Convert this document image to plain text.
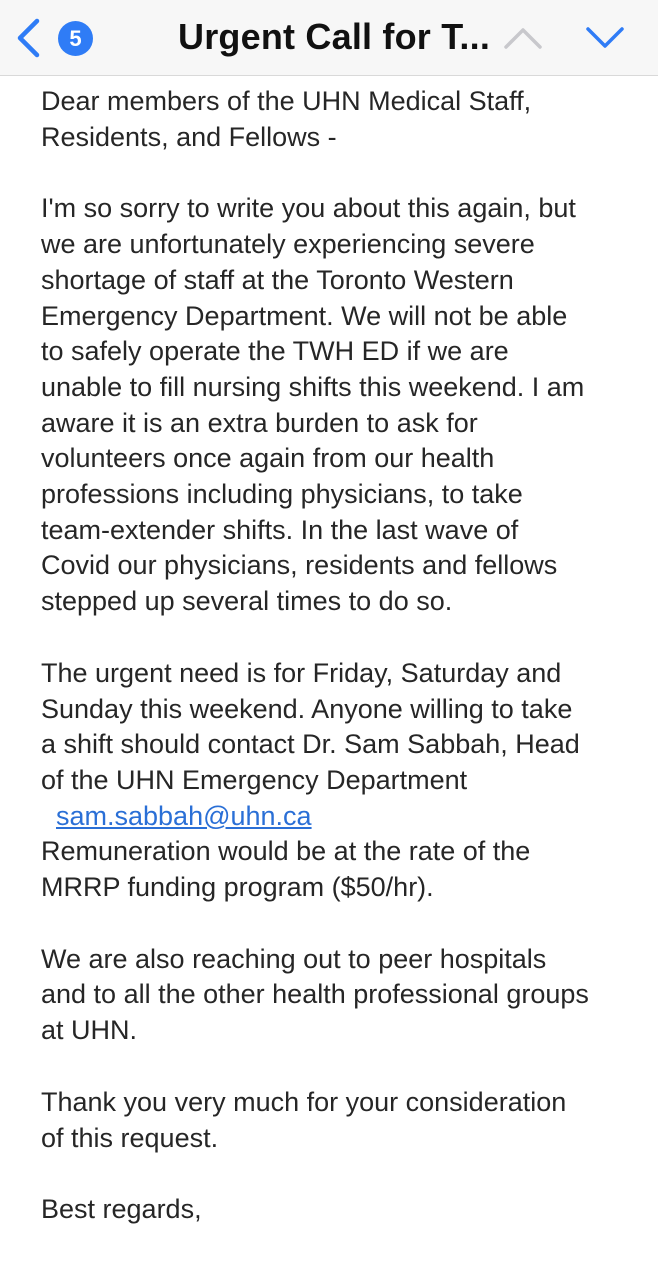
5	Urgent Call for T...
Dear members of the UHN Medical Staff,
Residents, and Fellows -
I'm so sorry to write you about this again, but
we are unfortunately experiencing severe
shortage of staff at the Toronto Western
Emergency Department. We will not be able
to safely operate the TWH ED if we are
unable to fill nursing shifts this weekend. I am
aware it is an extra burden to ask for
volunteers once again from our health
professions including physicians, to take
team-extender shifts. In the last wave of
Covid our physicians, residents and fellows
stepped up several times to do so.
The urgent need is for Friday, Saturday and
Sunday this weekend. Anyone willing to take
a shift should contact Dr. Sam Sabbah, Head
of the UHN Emergency Department
sam.sabbah@uhn.ca
Remuneration would be at the rate of the
MRRP funding program ($50/hr).
We are also reaching out to peer hospitals
and to all the other health professional groups
at UHN.
Thank you very much for your consideration
of this request.
Best regards,
